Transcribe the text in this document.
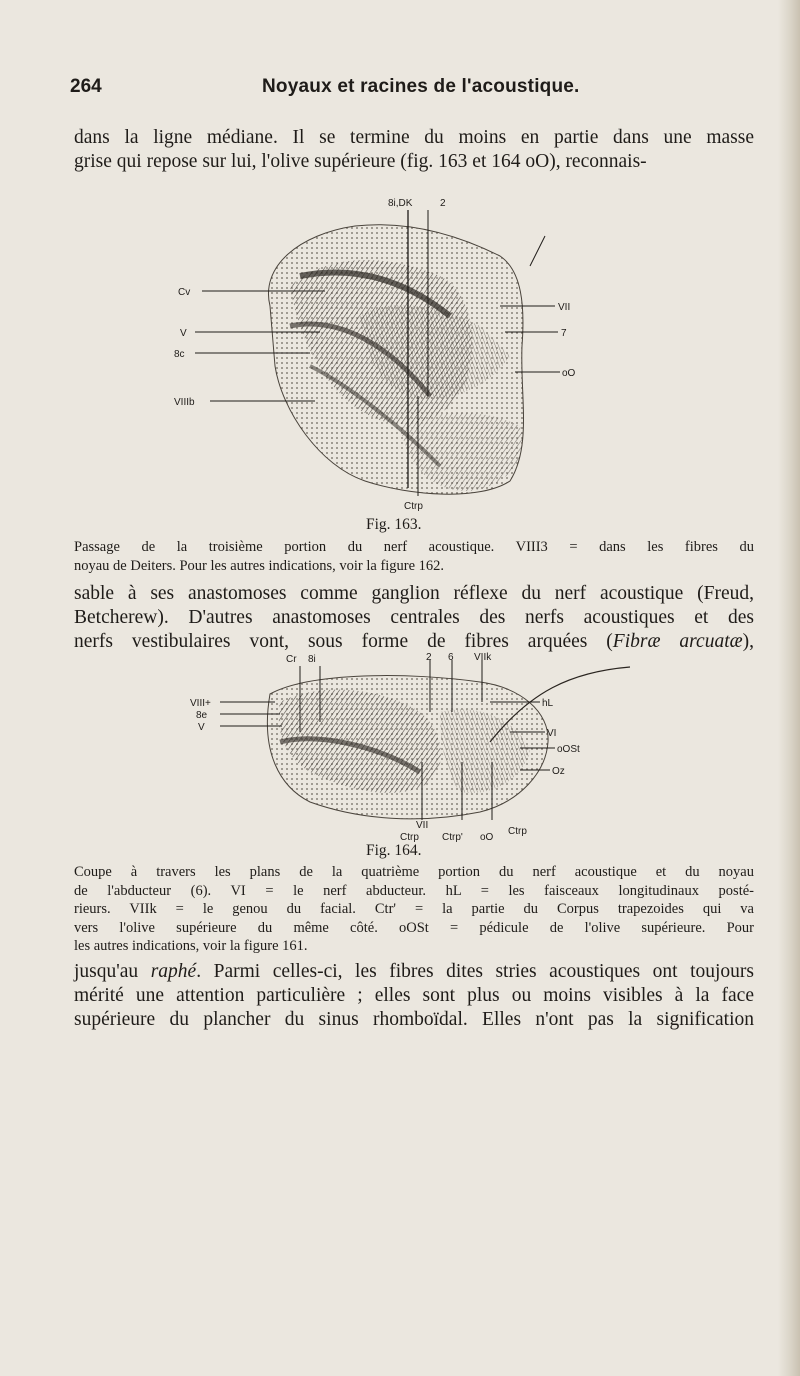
264	Noyaux et racines de l'acoustique.

dans la ligne médiane. Il se termine du moins en partie dans une masse
grise qui repose sur lui, l'olive supérieure (fig. 163 et 164 oO), reconnais-

8i,DK	2
Cv
V
8c
VIIIb
VII
7
oO
Ctrp
Fig. 163.

Passage de la troisième portion du nerf acoustique. VIII3 = dans les fibres du
noyau de Deiters. Pour les autres indications, voir la figure 162.

sable à ses anastomoses comme ganglion réflexe du nerf acoustique (Freud,
Betcherew). D'autres anastomoses centrales des nerfs acoustiques et des
nerfs vestibulaires vont, sous forme de fibres arquées (Fibræ arcuatæ),

Cr 8i	2 6 VIIk
VIII+
8e
V
hL
VI
oOSt
Oz
VII
Ctrp Ctrp' oO
Ctrp
Fig. 164.

Coupe à travers les plans de la quatrième portion du nerf acoustique et du noyau
de l'abducteur (6). VI = le nerf abducteur. hL = les faisceaux longitudinaux posté-
rieurs. VIIk = le genou du facial. Ctr' = la partie du Corpus trapezoides qui va
vers l'olive supérieure du même côté. oOSt = pédicule de l'olive supérieure. Pour
les autres indications, voir la figure 161.

jusqu'au raphé. Parmi celles-ci, les fibres dites stries acoustiques ont toujours
mérité une attention particulière ; elles sont plus ou moins visibles à la face
supérieure du plancher du sinus rhomboïdal. Elles n'ont pas la signification
